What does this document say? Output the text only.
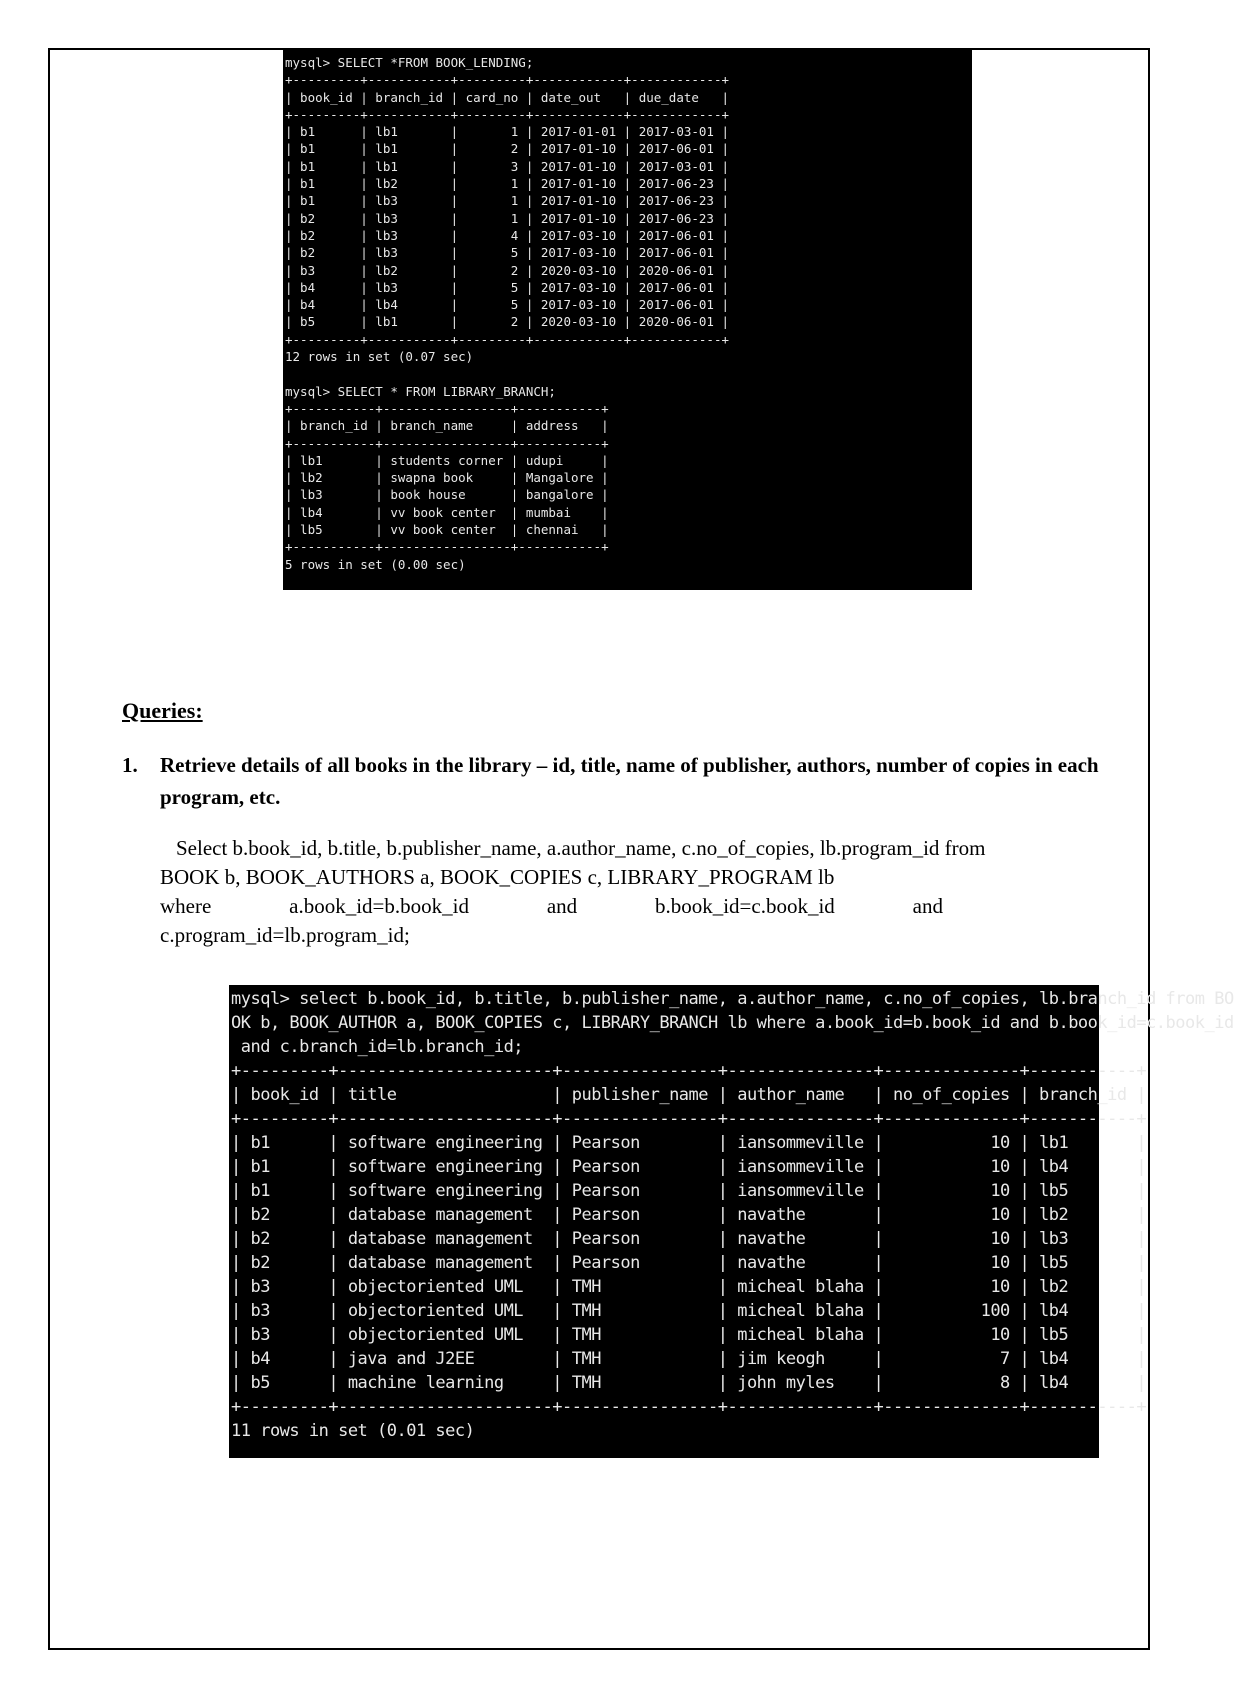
mysql> SELECT *FROM BOOK_LENDING;
+---------+-----------+---------+------------+------------+
| book_id | branch_id | card_no | date_out   | due_date   |
+---------+-----------+---------+------------+------------+
| b1      | lb1       |       1 | 2017-01-01 | 2017-03-01 |
| b1      | lb1       |       2 | 2017-01-10 | 2017-06-01 |
| b1      | lb1       |       3 | 2017-01-10 | 2017-03-01 |
| b1      | lb2       |       1 | 2017-01-10 | 2017-06-23 |
| b1      | lb3       |       1 | 2017-01-10 | 2017-06-23 |
| b2      | lb3       |       1 | 2017-01-10 | 2017-06-23 |
| b2      | lb3       |       4 | 2017-03-10 | 2017-06-01 |
| b2      | lb3       |       5 | 2017-03-10 | 2017-06-01 |
| b3      | lb2       |       2 | 2020-03-10 | 2020-06-01 |
| b4      | lb3       |       5 | 2017-03-10 | 2017-06-01 |
| b4      | lb4       |       5 | 2017-03-10 | 2017-06-01 |
| b5      | lb1       |       2 | 2020-03-10 | 2020-06-01 |
+---------+-----------+---------+------------+------------+
12 rows in set (0.07 sec)

mysql> SELECT * FROM LIBRARY_BRANCH;
+-----------+-----------------+-----------+
| branch_id | branch_name     | address   |
+-----------+-----------------+-----------+
| lb1       | students corner | udupi     |
| lb2       | swapna book     | Mangalore |
| lb3       | book house      | bangalore |
| lb4       | vv book center  | mumbai    |
| lb5       | vv book center  | chennai   |
+-----------+-----------------+-----------+
5 rows in set (0.00 sec)
Queries:
1. Retrieve details of all books in the library – id, title, name of publisher, authors, number of copies in each program, etc.
Select b.book_id, b.title, b.publisher_name, a.author_name, c.no_of_copies, lb.program_id from
BOOK b, BOOK_AUTHORS a, BOOK_COPIES c, LIBRARY_PROGRAM lb
where	a.book_id=b.book_id	and	b.book_id=c.book_id	and
c.program_id=lb.program_id;
mysql> select b.book_id, b.title, b.publisher_name, a.author_name, c.no_of_copies, lb.branch_id from BO
OK b, BOOK_AUTHOR a, BOOK_COPIES c, LIBRARY_BRANCH lb where a.book_id=b.book_id and b.book_id=c.book_id
and c.branch_id=lb.branch_id;
+---------+----------------------+----------------+---------------+--------------+-----------+
| book_id | title                | publisher_name | author_name   | no_of_copies | branch_id |
+---------+----------------------+----------------+---------------+--------------+-----------+
| b1      | software engineering | Pearson        | iansommeville |           10 | lb1       |
| b1      | software engineering | Pearson        | iansommeville |           10 | lb4       |
| b1      | software engineering | Pearson        | iansommeville |           10 | lb5       |
| b2      | database management  | Pearson        | navathe       |           10 | lb2       |
| b2      | database management  | Pearson        | navathe       |           10 | lb3       |
| b2      | database management  | Pearson        | navathe       |           10 | lb5       |
| b3      | objectoriented UML   | TMH            | micheal blaha |           10 | lb2       |
| b3      | objectoriented UML   | TMH            | micheal blaha |          100 | lb4       |
| b3      | objectoriented UML   | TMH            | micheal blaha |           10 | lb5       |
| b4      | java and J2EE        | TMH            | jim keogh     |            7 | lb4       |
| b5      | machine learning     | TMH            | john myles    |            8 | lb4       |
+---------+----------------------+----------------+---------------+--------------+-----------+
11 rows in set (0.01 sec)
